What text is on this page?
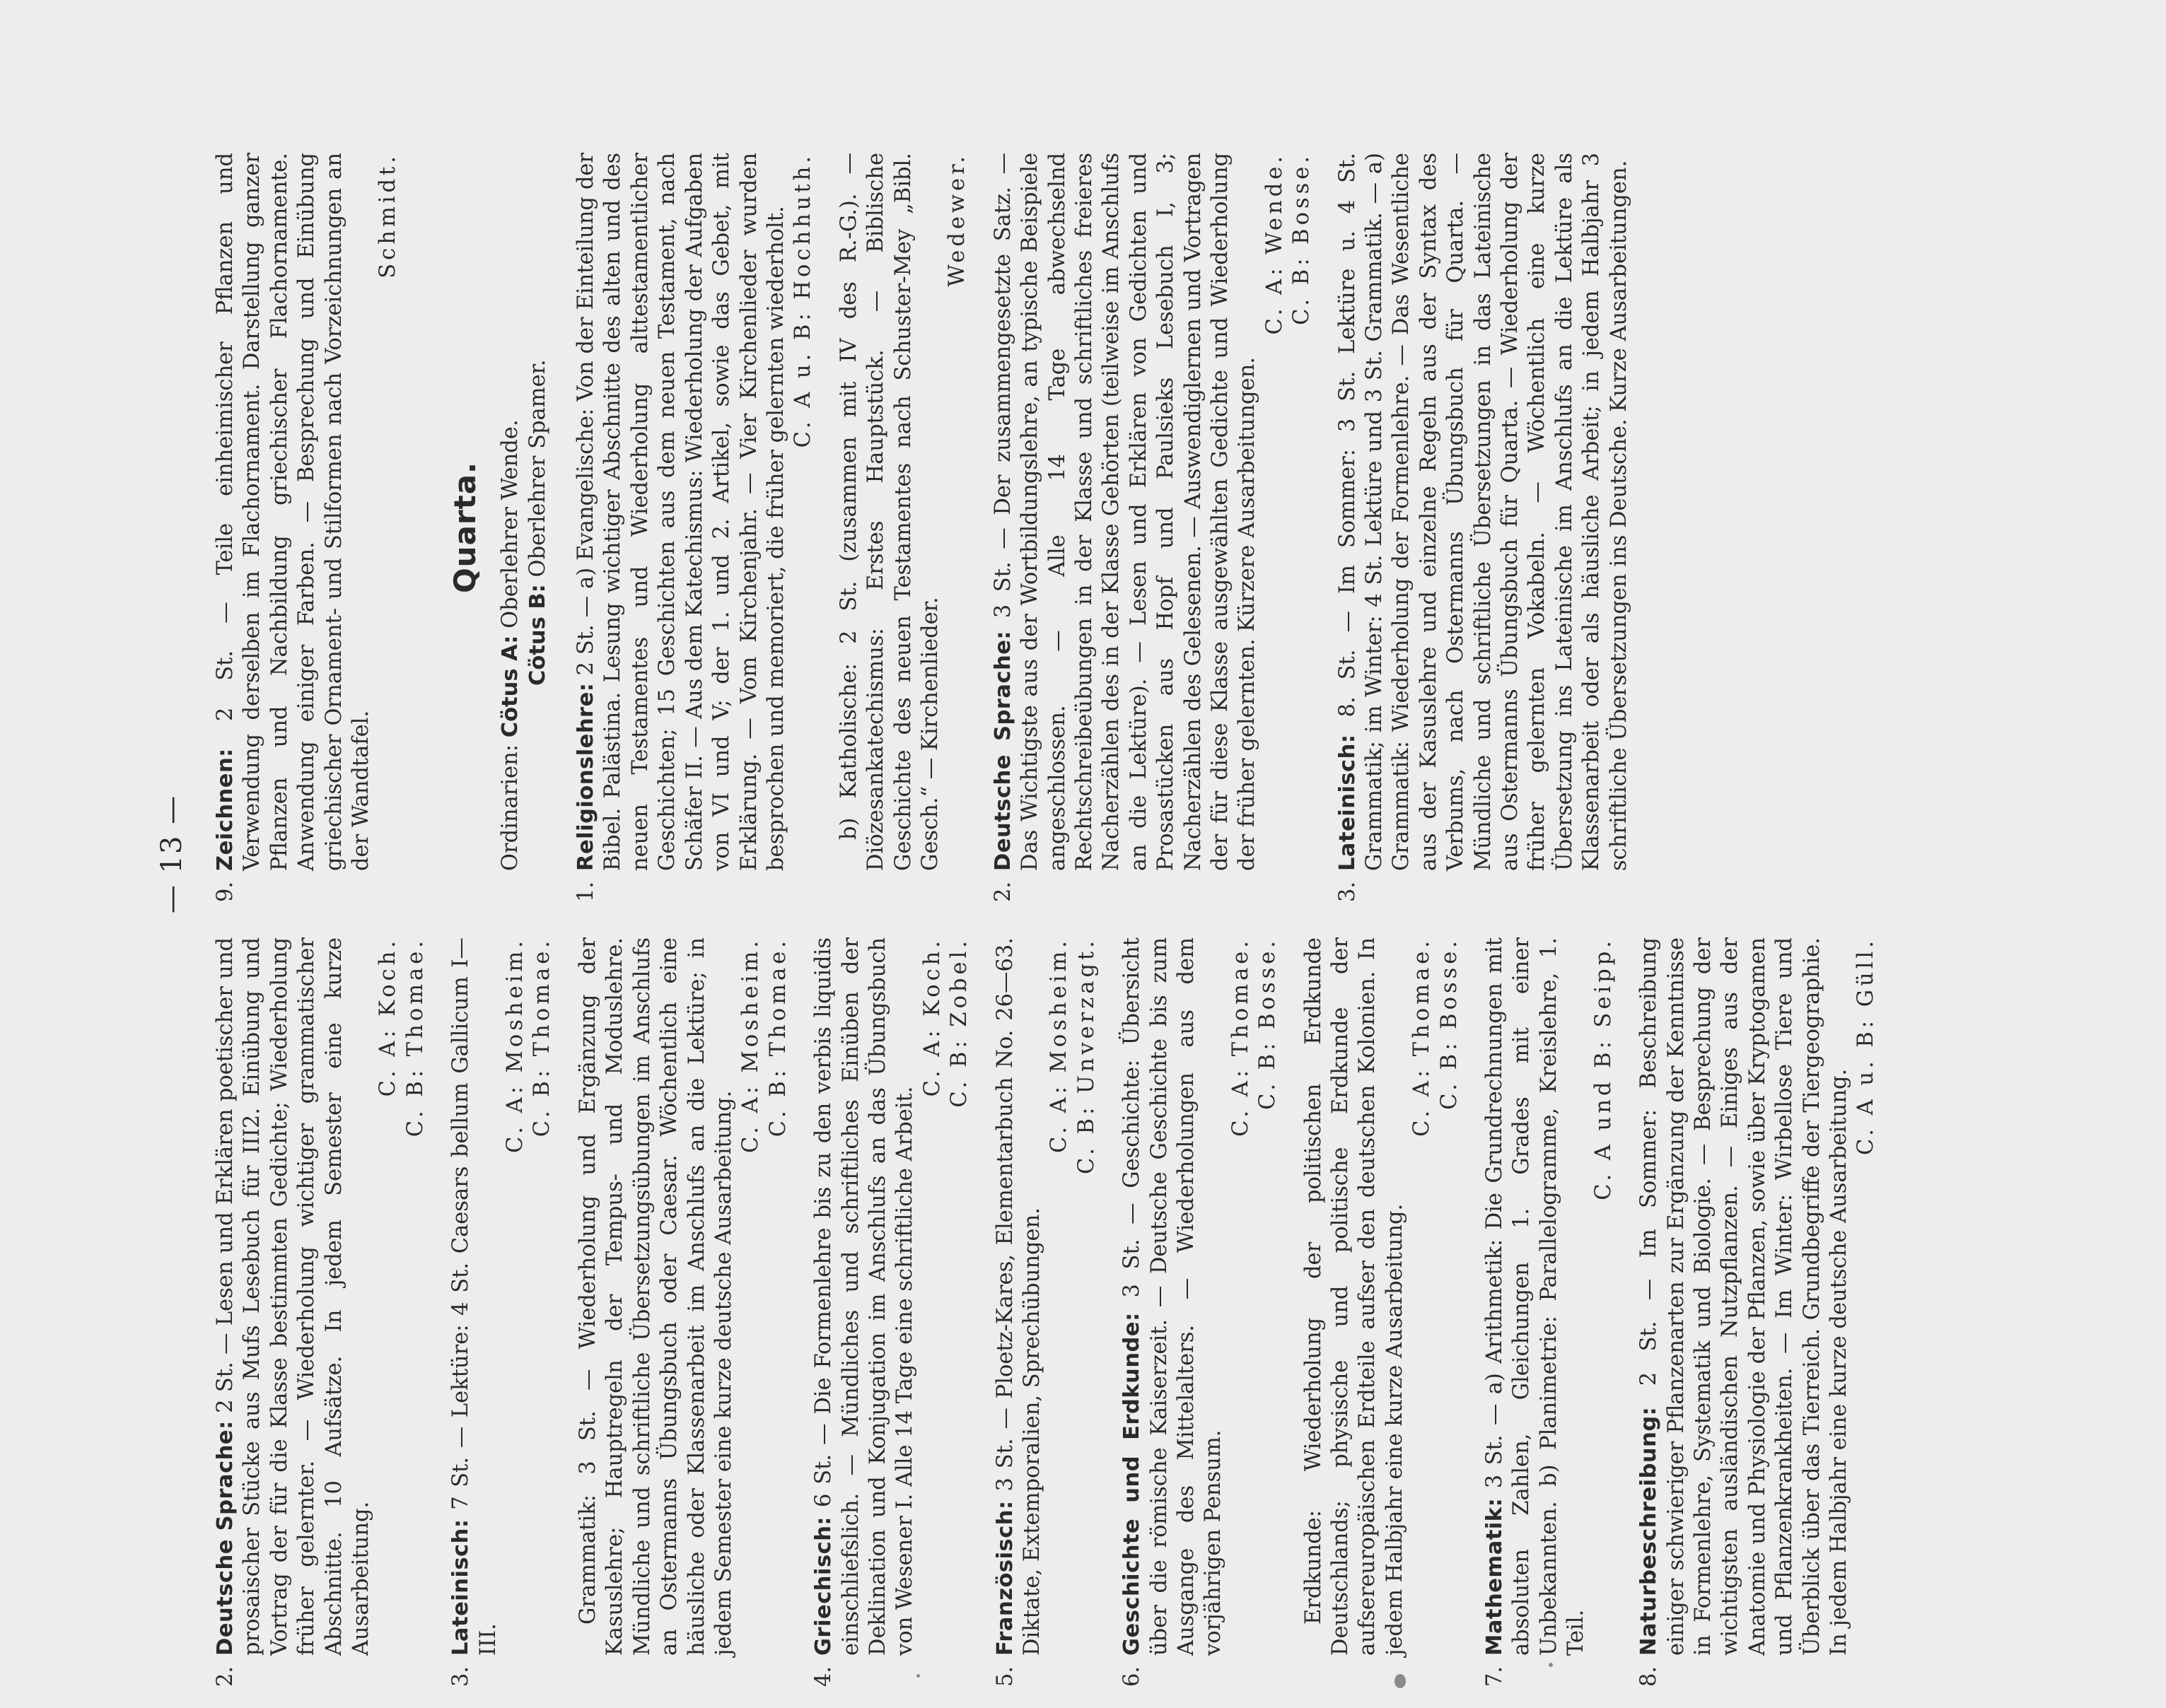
— 13 —
2.Deutsche Sprache: 2 St. — Lesen und Erklären poetischer und prosaischer Stücke aus Mufs Lesebuch für III2. Einübung und Vortrag der für die Klasse bestimmten Gedichte; Wiederholung früher gelernter. — Wiederholung wichtiger grammatischer Abschnitte. 10 Aufsätze. In jedem Semester eine kurze Ausarbeitung.
C. A: Koch. C. B: Thomae.
3.Lateinisch: 7 St. — Lektüre: 4 St. Caesars bellum Gallicum I—III.
C. A: Mosheim. C. B: Thomae. Grammatik: 3 St. — Wiederholung und Ergänzung der Kasuslehre; Hauptregeln der Tempus- und Moduslehre. Mündliche und schriftliche Übersetzungsübungen im Anschlufs an Ostermanns Übungsbuch oder Caesar. Wöchentlich eine häusliche oder Klassenarbeit im Anschlufs an die Lektüre; in jedem Semester eine kurze deutsche Ausarbeitung.
C. A: Mosheim. C. B: Thomae.
4.Griechisch: 6 St. — Die Formenlehre bis zu den verbis liquidis einschliefslich. — Mündliches und schriftliches Einüben der Deklination und Konjugation im Anschlufs an das Übungsbuch von Wesener I. Alle 14 Tage eine schriftliche Arbeit.
C. A: Koch. C. B: Zobel.
5.Französisch: 3 St. — Ploetz-Kares, Elementarbuch No. 26—63. Diktate, Extemporalien, Sprechübungen.
C. A: Mosheim. C. B: Unverzagt.
6.Geschichte und Erdkunde: 3 St. — Geschichte: Übersicht über die römische Kaiserzeit. — Deutsche Geschichte bis zum Ausgange des Mittelalters. — Wiederholungen aus dem vorjährigen Pensum.
C. A: Thomae. C. B: Bosse. Erdkunde: Wiederholung der politischen Erdkunde Deutschlands; physische und politische Erdkunde der aufsereuropäischen Erdteile aufser den deutschen Kolonien. In jedem Halbjahr eine kurze Ausarbeitung.
C. A: Thomae. C. B: Bosse.
7.Mathematik: 3 St. — a) Arithmetik: Die Grundrechnungen mit absoluten Zahlen, Gleichungen 1. Grades mit einer Unbekannten. b) Planimetrie: Parallelogramme, Kreislehre, 1. Teil.
C. A und B: Seipp.
8.Naturbeschreibung: 2 St. — Im Sommer: Beschreibung einiger schwieriger Pflanzenarten zur Ergänzung der Kenntnisse in Formenlehre, Systematik und Biologie. — Besprechung der wichtigsten ausländischen Nutzpflanzen. — Einiges aus der Anatomie und Physiologie der Pflanzen, sowie über Kryptogamen und Pflanzenkrankheiten. — Im Winter: Wirbellose Tiere und Überblick über das Tierreich. Grundbegriffe der Tiergeographie. In jedem Halbjahr eine kurze deutsche Ausarbeitung.
C. A u. B: Güll.
9.Zeichnen: 2 St. — Teile einheimischer Pflanzen und Verwendung derselben im Flachornament. Darstellung ganzer Pflanzen und Nachbildung griechischer Flachornamente. Anwendung einiger Farben. — Besprechung und Einübung griechischer Ornament- und Stilformen nach Vorzeichnungen an der Wandtafel.
Schmidt.
Quarta.
Ordinarien: Cötus A: Oberlehrer Wende.
Cötus B: Oberlehrer Spamer.
1.Religionslehre: 2 St. — a) Evangelische: Von der Einteilung der Bibel. Palästina. Lesung wichtiger Abschnitte des alten und des neuen Testamentes und Wiederholung alttestamentlicher Geschichten; 15 Geschichten aus dem neuen Testament, nach Schäfer II. — Aus dem Katechismus: Wiederholung der Aufgaben von VI und V; der 1. und 2. Artikel, sowie das Gebet, mit Erklärung. — Vom Kirchenjahr. — Vier Kirchenlieder wurden besprochen und memoriert, die früher gelernten wiederholt. C. A u. B: Hochhuth. b) Katholische: 2 St. (zusammen mit IV des R.-G.). — Diözesankatechismus: Erstes Hauptstück. — Biblische Geschichte des neuen Testamentes nach Schuster-Mey „Bibl. Gesch.“ — Kirchenlieder.
Wedewer.
2.Deutsche Sprache: 3 St. — Der zusammengesetzte Satz. — Das Wichtigste aus der Wortbildungslehre, an typische Beispiele angeschlossen. — Alle 14 Tage abwechselnd Rechtschreibeübungen in der Klasse und schriftliches freieres Nacherzählen des in der Klasse Gehörten (teilweise im Anschlufs an die Lektüre). — Lesen und Erklären von Gedichten und Prosastücken aus Hopf und Paulsieks Lesebuch I, 3; Nacherzählen des Gelesenen. — Auswendiglernen und Vortragen der für diese Klasse ausgewählten Gedichte und Wiederholung der früher gelernten. Kürzere Ausarbeitungen.
C. A: Wende. C. B: Bosse.
3.Lateinisch: 8. St. — Im Sommer: 3 St. Lektüre u. 4 St. Grammatik; im Winter: 4 St. Lektüre und 3 St. Grammatik. — a) Grammatik: Wiederholung der Formenlehre. — Das Wesentliche aus der Kasuslehre und einzelne Regeln aus der Syntax des Verbums, nach Ostermanns Übungsbuch für Quarta. — Mündliche und schriftliche Übersetzungen in das Lateinische aus Ostermanns Übungsbuch für Quarta. — Wiederholung der früher gelernten Vokabeln. — Wöchentlich eine kurze Übersetzung ins Lateinische im Anschlufs an die Lektüre als Klassenarbeit oder als häusliche Arbeit; in jedem Halbjahr 3 schriftliche Übersetzungen ins Deutsche. Kurze Ausarbeitungen.
